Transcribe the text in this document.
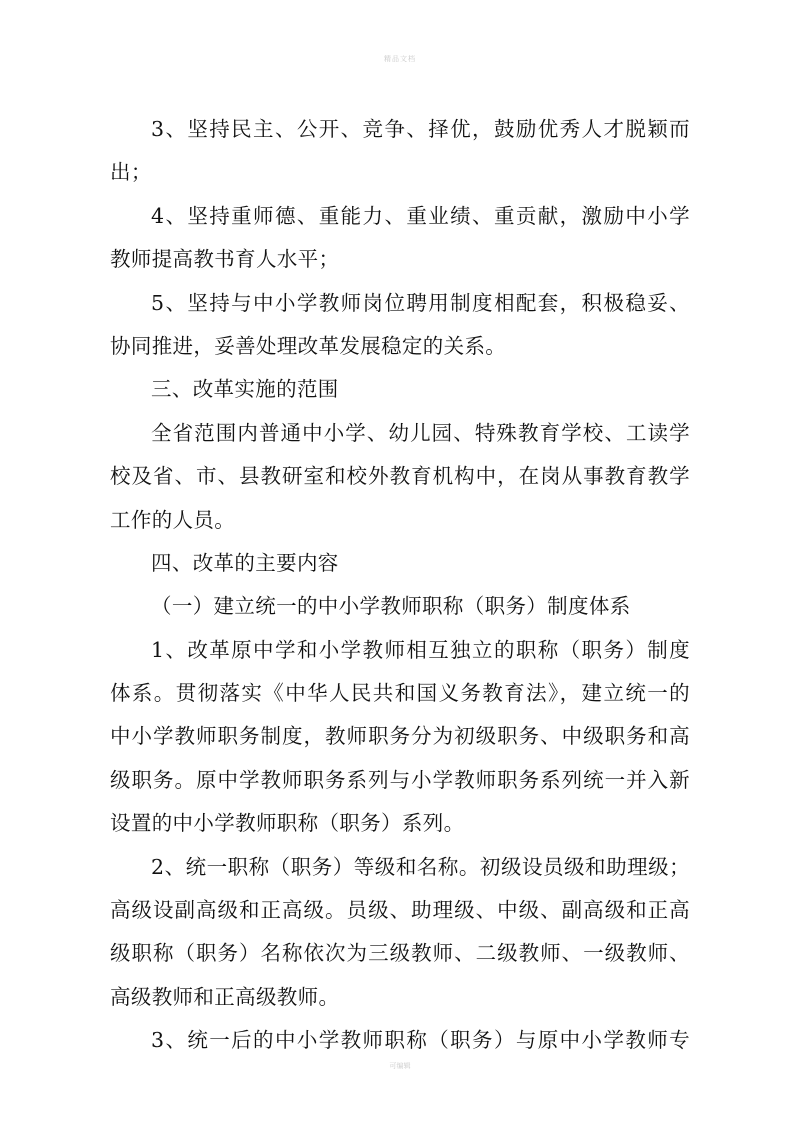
精品文档
3、坚持民主、公开、竞争、择优，鼓励优秀人才脱颖而
出；
4、坚持重师德、重能力、重业绩、重贡献，激励中小学
教师提高教书育人水平；
5、坚持与中小学教师岗位聘用制度相配套，积极稳妥、
协同推进，妥善处理改革发展稳定的关系。
三、改革实施的范围
全省范围内普通中小学、幼儿园、特殊教育学校、工读学
校及省、市、县教研室和校外教育机构中，在岗从事教育教学
工作的人员。
四、改革的主要内容
（一）建立统一的中小学教师职称（职务）制度体系
1、改革原中学和小学教师相互独立的职称（职务）制度
体系。贯彻落实《中华人民共和国义务教育法》，建立统一的
中小学教师职务制度，教师职务分为初级职务、中级职务和高
级职务。原中学教师职务系列与小学教师职务系列统一并入新
设置的中小学教师职称（职务）系列。
2、统一职称（职务）等级和名称。初级设员级和助理级；
高级设副高级和正高级。员级、助理级、中级、副高级和正高
级职称（职务）名称依次为三级教师、二级教师、一级教师、
高级教师和正高级教师。
3、统一后的中小学教师职称（职务）与原中小学教师专
可编辑
